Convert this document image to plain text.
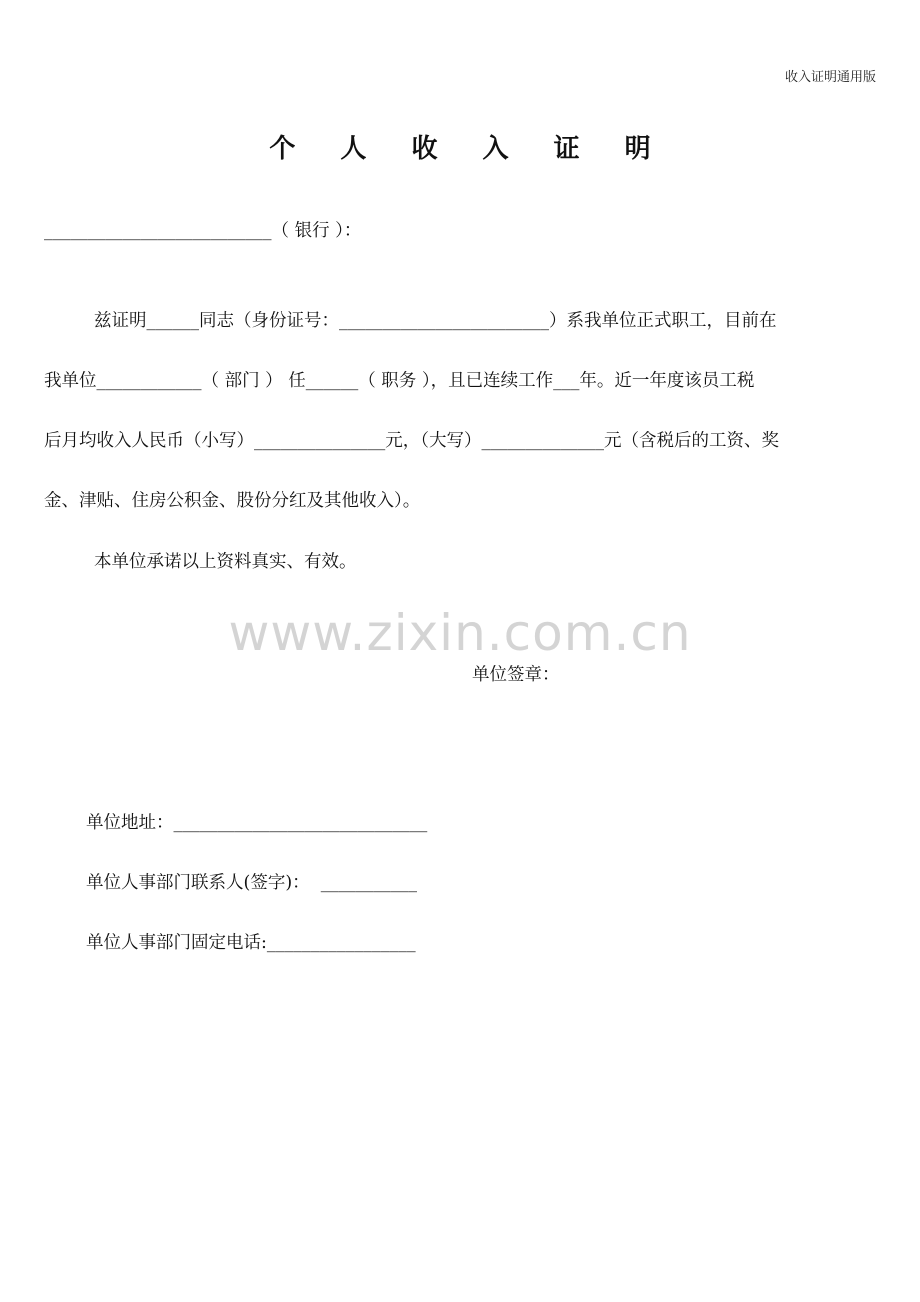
收入证明通用版
个 人 收 入 证 明
__________________________（ 银行 ）：
兹证明______同志（身份证号：________________________）系我单位正式职工，目前在
我单位____________（ 部门 ） 任______（ 职务 ），且已连续工作___年。近一年度该员工税
后月均收入人民币（小写）_______________元，（大写）______________元（含税后的工资、奖
金、津贴、住房公积金、股份分红及其他收入）。
本单位承诺以上资料真实、有效。
www.zixin.com.cn
单位签章：
单位地址：_____________________________
单位人事部门联系人(签字)： ___________
单位人事部门固定电话:_________________
